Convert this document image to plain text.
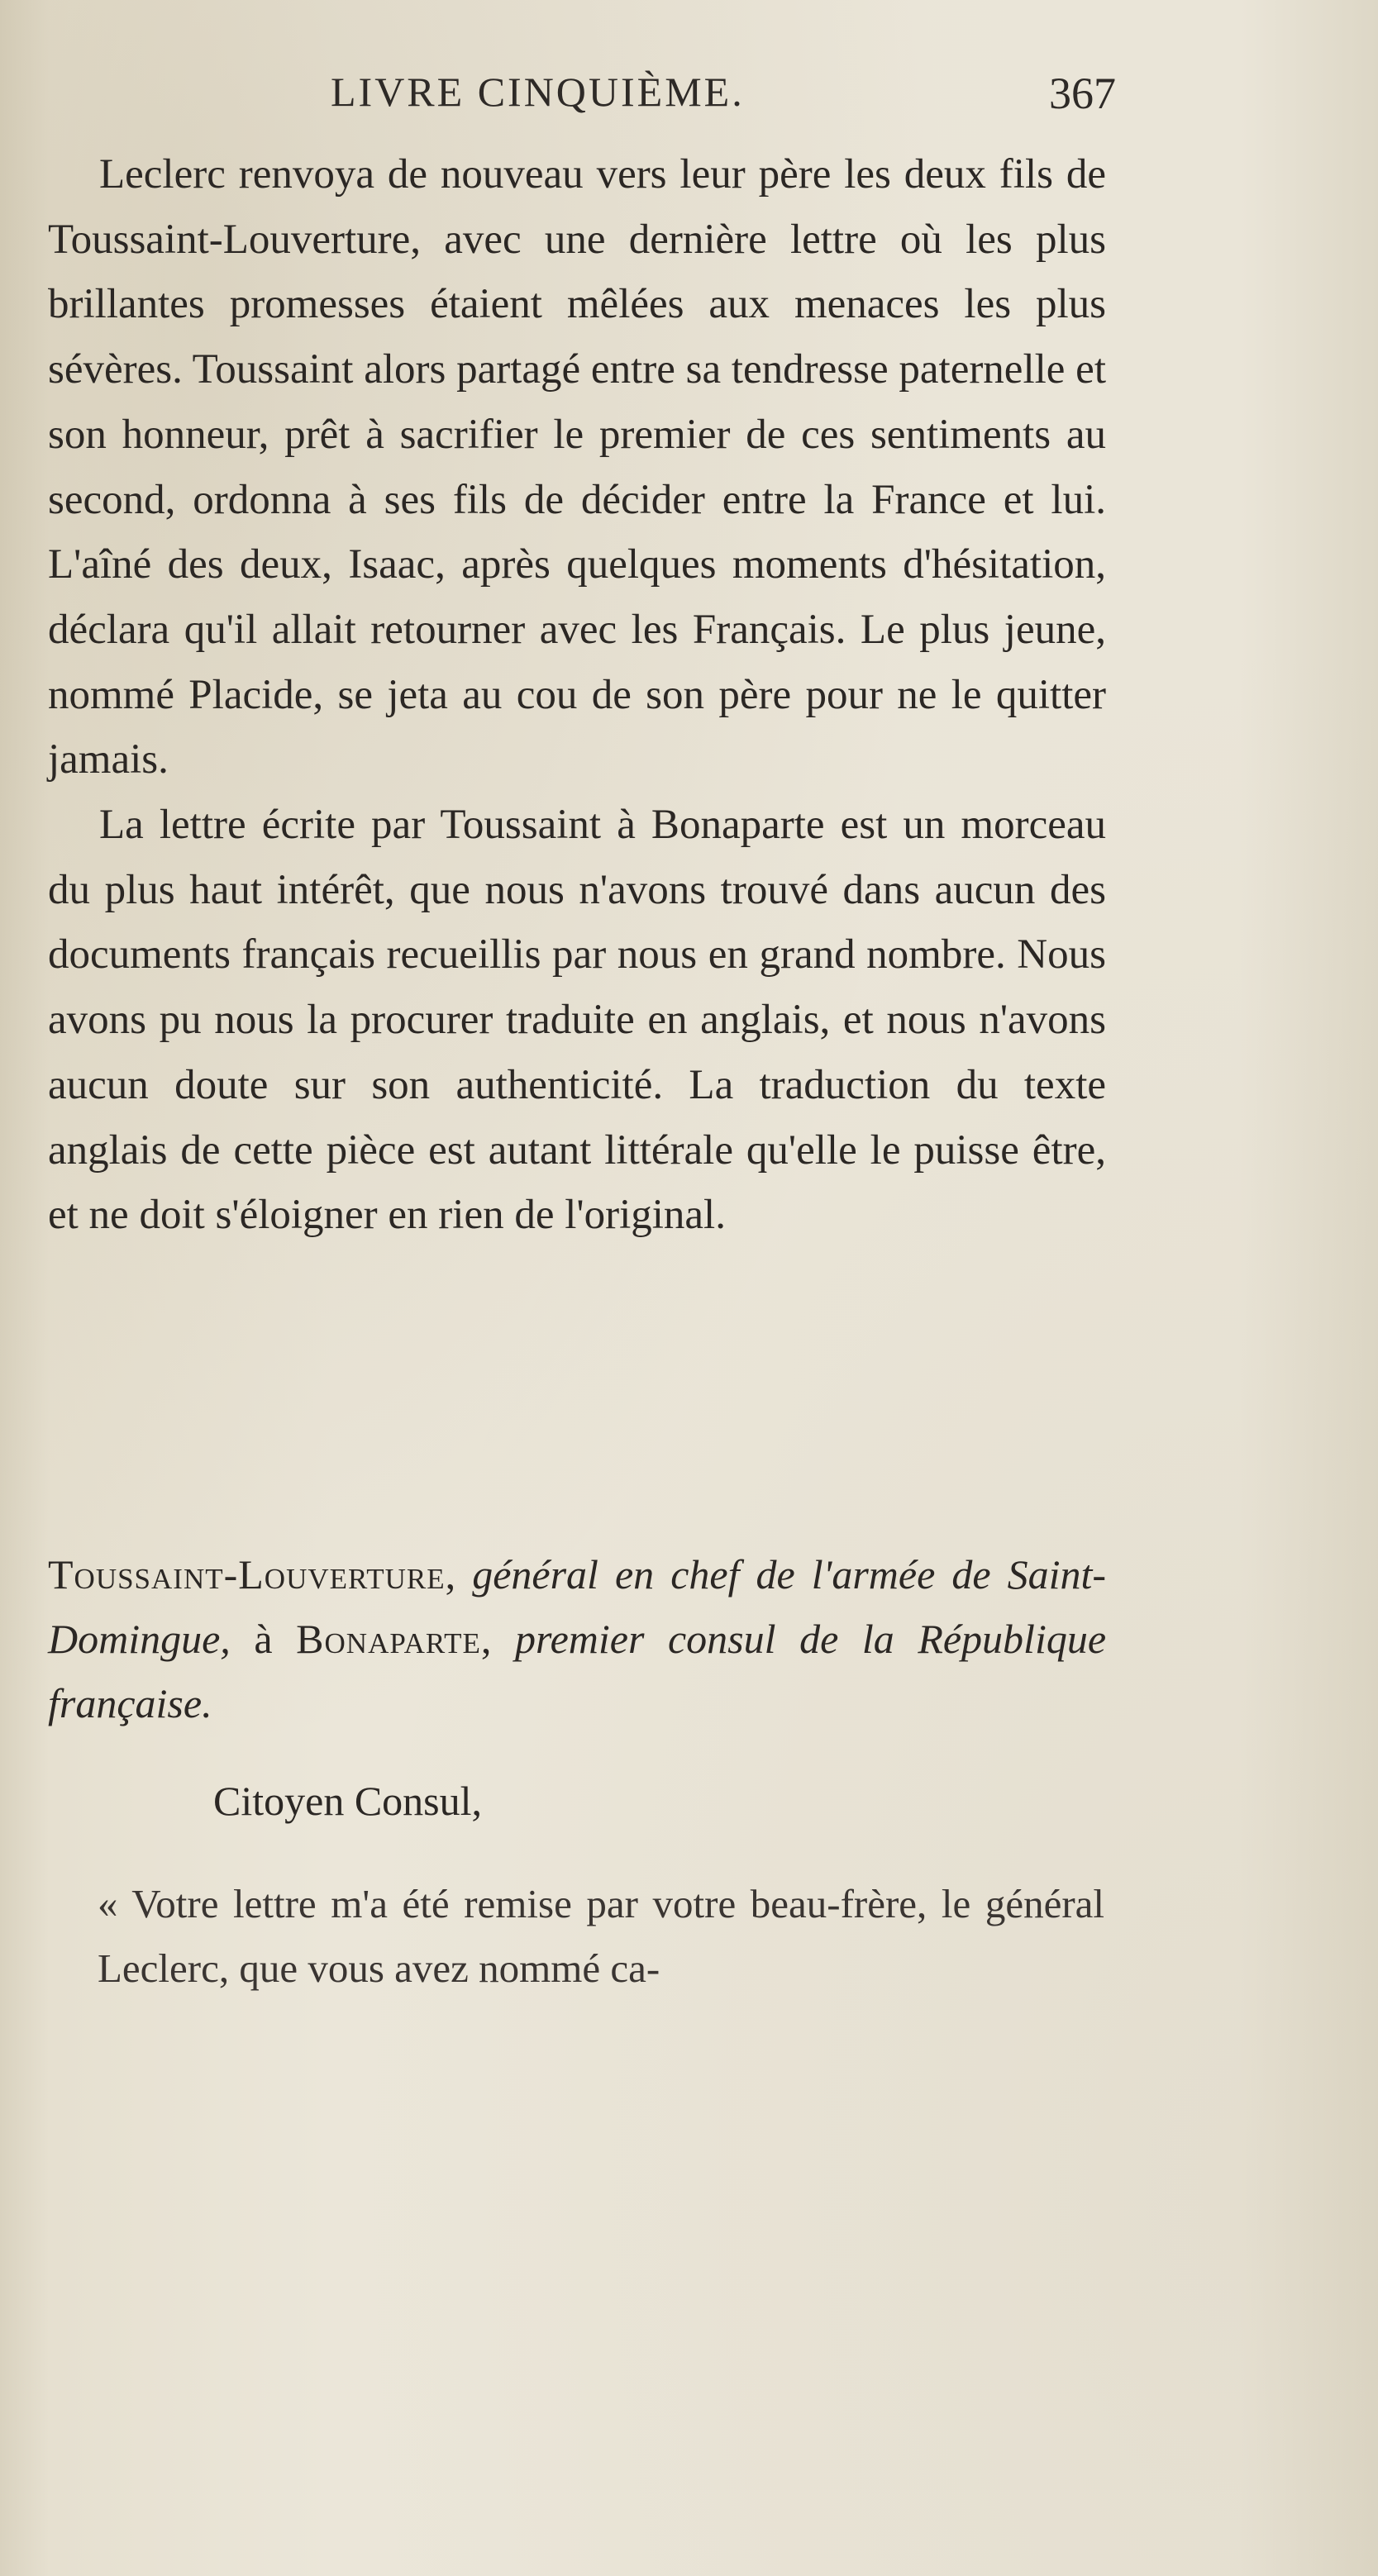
LIVRE CINQUIÈME.	367

Leclerc renvoya de nouveau vers leur père les deux fils de Toussaint-Louverture, avec une dernière lettre où les plus brillantes promesses étaient mêlées aux menaces les plus sévères. Toussaint alors partagé entre sa tendresse paternelle et son honneur, prêt à sacrifier le premier de ces sentiments au second, ordonna à ses fils de décider entre la France et lui. L'aîné des deux, Isaac, après quelques moments d'hésitation, déclara qu'il allait retourner avec les Français. Le plus jeune, nommé Placide, se jeta au cou de son père pour ne le quitter jamais.

La lettre écrite par Toussaint à Bonaparte est un morceau du plus haut intérêt, que nous n'avons trouvé dans aucun des documents français recueillis par nous en grand nombre. Nous avons pu nous la procurer traduite en anglais, et nous n'avons aucun doute sur son authenticité. La traduction du texte anglais de cette pièce est autant littérale qu'elle le puisse être, et ne doit s'éloigner en rien de l'original.

Toussaint-Louverture, général en chef de l'armée de Saint-Domingue, à Bonaparte, premier consul de la République française.
Citoyen Consul,
« Votre lettre m'a été remise par votre beau-frère, le général Leclerc, que vous avez nommé ca-
